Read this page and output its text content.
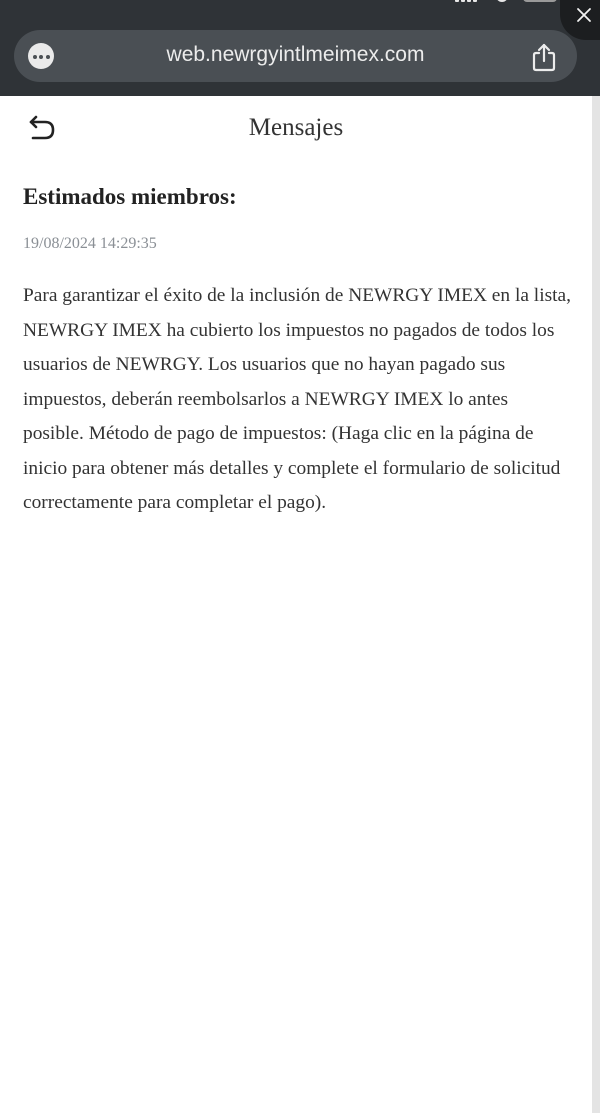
web.newrgyintlmeimex.com
Mensajes
Estimados miembros:
19/08/2024 14:29:35

Para garantizar el éxito de la inclusión de NEWRGY IMEX en la lista, NEWRGY IMEX ha cubierto los impuestos no pagados de todos los usuarios de NEWRGY. Los usuarios que no hayan pagado sus impuestos, deberán reembolsarlos a NEWRGY IMEX lo antes posible. Método de pago de impuestos: (Haga clic en la página de inicio para obtener más detalles y complete el formulario de solicitud correctamente para completar el pago).
